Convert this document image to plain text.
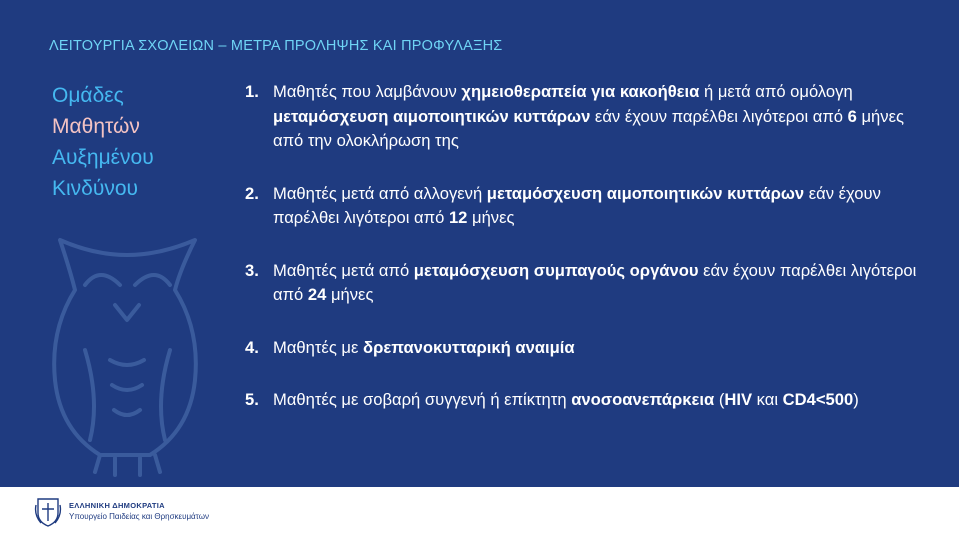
ΛΕΙΤΟΥΡΓΙΑ ΣΧΟΛΕΙΩΝ – ΜΕΤΡΑ ΠΡΟΛΗΨΗΣ ΚΑΙ ΠΡΟΦΥΛΑΞΗΣ
Ομάδες
Μαθητών
Αυξημένου
Κινδύνου
1. Μαθητές που λαμβάνουν χημειοθεραπεία για κακοήθεια ή μετά από ομόλογη μεταμόσχευση αιμοποιητικών κυττάρων εάν έχουν παρέλθει λιγότεροι από 6 μήνες από την ολοκλήρωση της
2. Μαθητές μετά από αλλογενή μεταμόσχευση αιμοποιητικών κυττάρων εάν έχουν παρέλθει λιγότεροι από 12 μήνες
3. Μαθητές μετά από μεταμόσχευση συμπαγούς οργάνου εάν έχουν παρέλθει λιγότεροι από 24 μήνες
4. Μαθητές με δρεπανοκυτταρική αναιμία
5. Μαθητές με σοβαρή συγγενή ή επίκτητη ανοσοανεπάρκεια (HIV και CD4<500)
ΕΛΛΗΝΙΚΗ ΔΗΜΟΚΡΑΤΙΑ
Υπουργείο Παιδείας και Θρησκευμάτων
